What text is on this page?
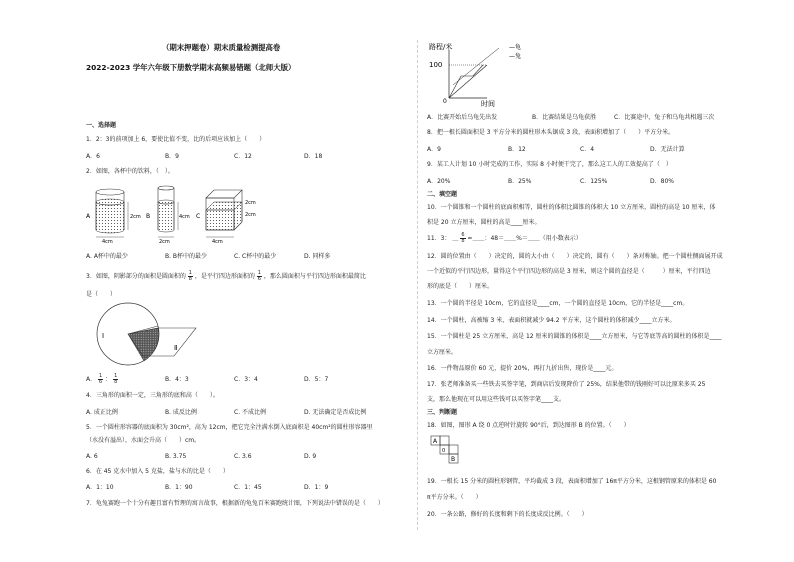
（期末押题卷）期末质量检测提高卷
2022-2023 学年六年级下册数学期末高频易错题（北师大版）
一、选择题
1．2：3的前项加上 6，要使比值不变，比的后项应该加上（　　）
A．6	B．9	C．12	D．18
2．如图，各杯中的饮料，（　）。
A	2cm
4cm
B	4cm
2cm
C
2cm
2cm
4cm
A. A杯中的最少	B. B杯中的最少	C. C杯中的最少	D. 同样多
3．如图，阴影部分的面积是圆面积的 $\frac{1}{8}$ ，是平行四边形面积的 $\frac{1}{6}$ ，那么圆面积与平行四边形面积最简比
是（　　）
Ⅰ
Ⅱ
A． $\frac{1}{6}$ ： $\frac{1}{8}$	B．4：3	C．3：4	D．5：7
4．三角形的面积一定，三角形的底和高（　　）。
A. 成正比例	B. 成反比例	C. 不成比例	D. 无法确定是否成比例
5．一个圆柱形容器的底面积为 30cm²，高为 12cm，把它完全注满水倒入底面积是 40cm²的圆柱形容器里
（水没有溢出），水面会升高（　　）cm。
A. 6	B. 3.75	C. 3.6	D. 9
6．在 45 克水中加入 5 克盐，盐与水的比是（　　）
A．1：10	B．1：90	C．1：45	D．1：9
7．龟兔赛跑一个十分有趣且富有哲理的寓言故事，根据新的龟兔百米赛跑统计图，下列说法中错误的是（　　）
路程/米	—龟
—兔
100
0	时间
A．比赛开始后乌龟先出发	B．比赛结果是乌龟获胜	C．比赛途中，兔子和乌龟共相遇三次
8．把一根长圆面积是 3 平方分米的圆柱形木头锯成 3 段，表面积增加了（　　）平方分米。
A．9	B．12	C．4	D．无法计算
9．某工人计划 10 小时完成的工作，实际 8 小时便干完了，那么这工人的工效提高了（　）
A．20%	B．25%	C．125%	D．80%
二、填空题
10．一个圆锥和一个圆柱的底面积相等，圆柱的体积比圆锥的体积大 10 立方厘米，圆柱的高是 10 厘米，体
积是 20 立方厘米，圆柱的高是____厘米。
11．3： ＿ $\frac{6}{8}$ =＿＿：48＝＿＿%＝＿＿（用小数表示）
12．圆的位置由（　　）决定的，圆的大小由（　　）决定的，圆有（　　）条对称轴。把一个圆柱侧面展开成
一个近似的平行四边形，量得这个平行四边形的高是 3 厘米，则这个圆的直径是（　　　）厘米，平行四边
形的底是（　　）厘米。
13．一个圆的半径是 10cm，它的直径是____cm，一个圆的直径是 10cm，它的半径是____cm。
14．一个圆柱，高被缩 3 米，表面积就减少 94.2 平方米，这个圆柱的体积减少____立方米。
15．一个圆柱是 25 立方厘米，高是 12 厘米的圆锥的体积是____立方厘米，与它等底等高的圆柱的体积是____
立方厘米。
16．一件物品原价 60 元，提价 20%，再打九折出售，现价是____元。
17．张老师准备买一些铁去买签字笔，到商店后发现降价了 25%，结果他带的钱刚好可以比原来多买 25
支，那么他现在可以用这些钱可以买签字笔____支。
三、判断题
18．如图，图形 A 绕 0 点逆时针旋转 90°后，到达图形 B 的位置。（　　）
A
0
B
19．一根长 15 分米的圆柱形钢管，平均截成 3 段，表面积增加了 16π平方分米，这根钢管原来的体积是 60
π平方分米。（　　）
20．一条公路，修好的长度和剩下的长度成反比例。（　　）
